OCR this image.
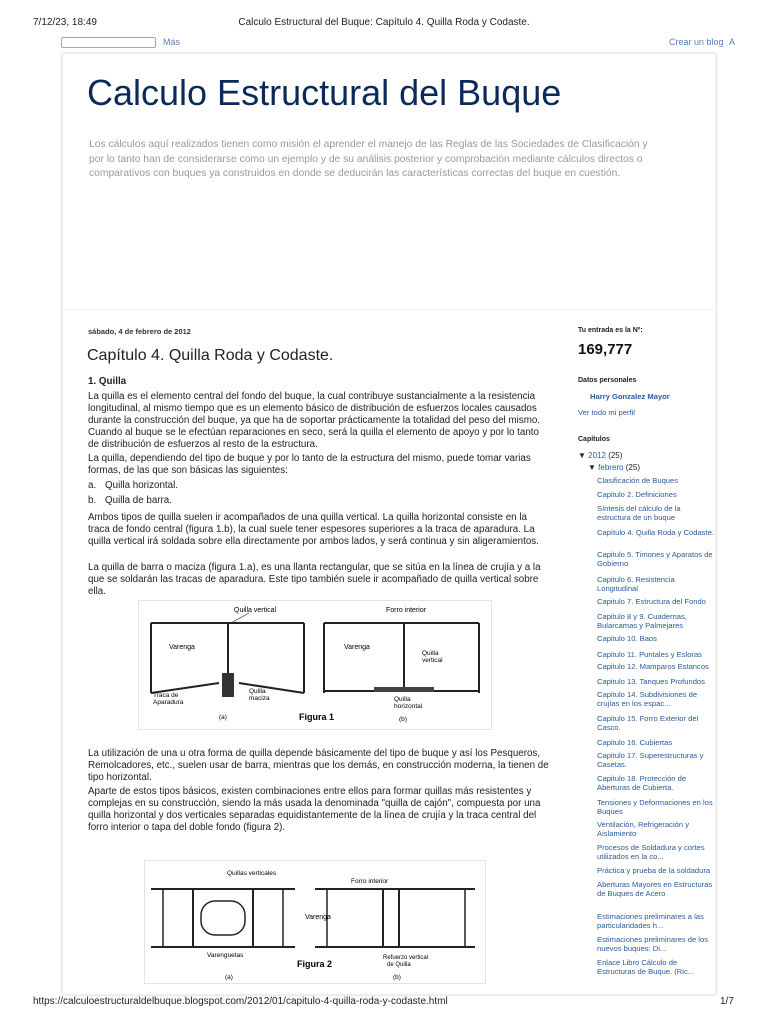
7/12/23, 18:49	Calculo Estructural del Buque: Capítulo 4. Quilla Roda y Codaste.
Más	Crear un blog A
Calculo Estructural del Buque
Los cálculos aquí realizados tienen como misión el aprender el manejo de las Reglas de las Sociedades de Clasificación y por lo tanto han de considerarse como un ejemplo y de su análisis posterior y comprobación mediante cálculos directos o comparativos con buques ya construidos en donde se deducirán las características correctas del buque en cuestión.
sábado, 4 de febrero de 2012
Capítulo 4. Quilla Roda y Codaste.
1. Quilla

La quilla es el elemento central del fondo del buque, la cual contribuye sustancialmente a la resistencia longitudinal, al mismo tiempo que es un elemento básico de distribución de esfuerzos locales causados durante la construcción del buque, ya que ha de soportar prácticamente la totalidad del peso del mismo. Cuando al buque se le efectúan reparaciones en seco, será la quilla el elemento de apoyo y por lo tanto de distribución de esfuerzos al resto de la estructura.

La quilla, dependiendo del tipo de buque y por lo tanto de la estructura del mismo, puede tomar varias formas, de las que son básicas las siguientes:

a. Quilla horizontal.
b. Quilla de barra.

Ambos tipos de quilla suelen ir acompañados de una quilla vertical. La quilla horizontal consiste en la traca de fondo central (figura 1.b), la cual suele tener espesores superiores a la traca de aparadura. La quilla vertical irá soldada sobre ella directamente por ambos lados, y será continua y sin aligeramientos.

La quilla de barra o maciza (figura 1.a), es una llanta rectangular, que se sitúa en la línea de crujía y a la que se soldarán las tracas de aparadura. Este tipo también suele ir acompañado de quilla vertical sobre ella.

Quilla vertical
Varenga
Traca de
Aparadura
Quilla
maciza
(a)	Figura 1
Forro interior
Varenga
Quilla
vertical
Quilla
horizontal
(b)

La utilización de una u otra forma de quilla depende básicamente del tipo de buque y así los Pesqueros, Remolcadores, etc., suelen usar de barra, mientras que los demás, en construcción moderna, la tienen de tipo horizontal.

Aparte de estos tipos básicos, existen combinaciones entre ellos para formar quillas más resistentes y complejas en su construcción, siendo la más usada la denominada "quilla de cajón", compuesta por una quilla horizontal y dos verticales separadas equidistantemente de la línea de crujía y la traca central del forro interior o tapa del doble fondo (figura 2).

Quillas verticales
Varenguetas
(a)
Forro interior
Varenga
Refuerzo vertical
de Quilla
(b)
Figura 2
Tu entrada es la Nº:
169,777
Datos personales
Harry Gonzalez Mayor
Ver todo mi perfil
Capítulos
▼ 2012 (25)
▼ febrero (25)
Clasificación de Buques
Capitulo 2. Definiciones
Síntesis del cálculo de la estructura de un buque
Capítulo 4. Quilla Roda y Codaste.
Capitulo 5. Timones y Aparatos de Gobierno
Capitulo 6. Resistencia Longitudinal
Capitulo 7. Estructura del Fondo
Capitulo 8 y 9. Cuadernas, Bularcamas y Palmejares
Capitulo 10. Baos
Capitulo 11. Puntales y Esloras
Capitulo 12. Mamparos Estancos
Capitulo 13. Tanques Profundos
Capitulo 14. Subdivisiones de crujías en los espac...
Capitulo 15. Forro Exterior del Casco.
Capitulo 16. Cubiertas
Capitulo 17. Superestructuras y Casetas.
Capitulo 18. Protección de Aberturas de Cubierta.
Tensiones y Deformaciones en los Buques
Ventilación, Refrigeración y Aislamiento
Procesos de Soldadura y cortes utilizados en la co...
Práctica y prueba de la soldadura
Aberturas Mayores en Estructuras de Buques de Acero
Estimaciones preliminares a las particularidades h...
Estimaciones preliminares de los nuevos buques: Di...
Enlace Libro Cálculo de Estructuras de Buque. (Ric...
https://calculoestructuraldelbuque.blogspot.com/2012/01/capitulo-4-quilla-roda-y-codaste.html	1/7
